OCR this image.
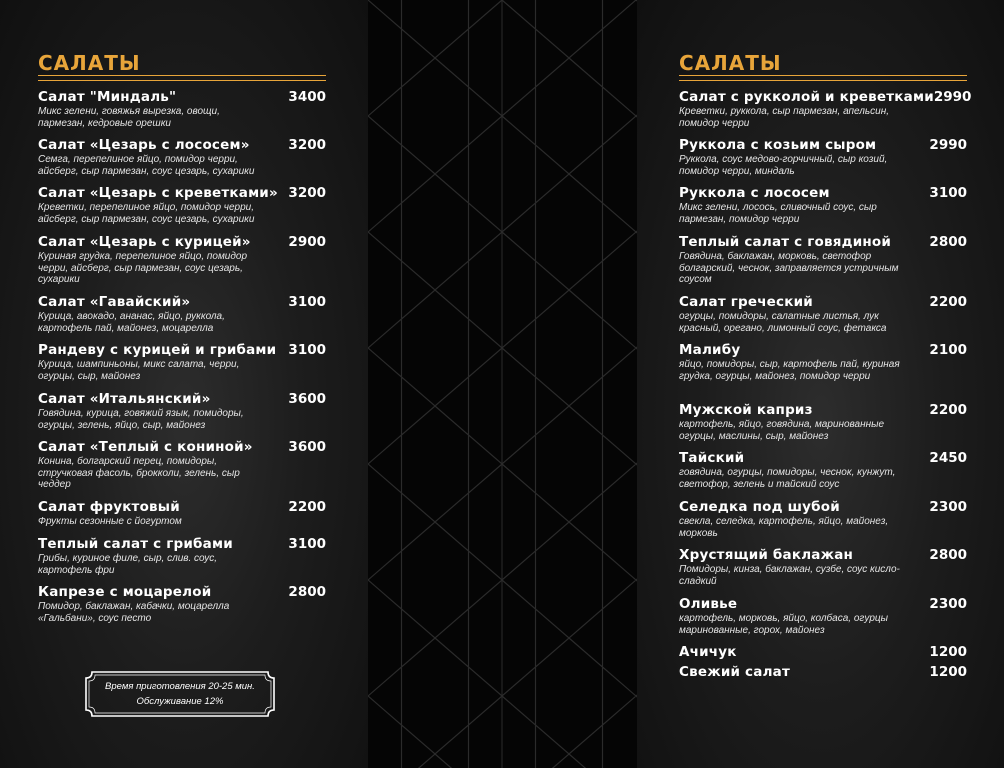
САЛАТЫ
Салат "Миндаль"	3400
Микс зелени, говяжья вырезка, овощи, пармезан, кедровые орешки
Салат «Цезарь с лососем»	3200
Семга, перепелиное яйцо, помидор черри, айсберг, сыр пармезан, соус цезарь, сухарики
Салат «Цезарь с креветками» 3200
Креветки, перепелиное яйцо, помидор черри, айсберг, сыр пармезан, соус цезарь, сухарики
Салат «Цезарь с курицей»	2900
Куриная грудка, перепелиное яйцо, помидор черри, айсберг, сыр пармезан, соус цезарь, сухарики
Салат «Гавайский»	3100
Курица, авокадо, ананас, яйцо, руккола, картофель пай, майонез, моцарелла
Рандеву с курицей и грибами 3100
Курица, шампиньоны, микс салата, черри, огурцы, сыр, майонез
Салат «Итальянский»	3600
Говядина, курица, говяжий язык, помидоры, огурцы, зелень, яйцо, сыр, майонез
Салат «Теплый с кониной»	3600
Конина, болгарский перец, помидоры, стручковая фасоль, брокколи, зелень, сыр чеддер
Салат фруктовый	2200
Фрукты сезонные с йогуртом
Теплый салат с грибами	3100
Грибы, куриное филе, сыр, слив. соус, картофель фри
Капрезе с моцарелой	2800
Помидор, баклажан, кабачки, моцарелла «Гальбани», соус песто
Время приготовления 20-25 мин.
Обслуживание 12%
САЛАТЫ
Салат с рукколой и креветками 2990
Креветки, руккола, сыр пармезан, апельсин, помидор черри
Руккола с козьим сыром	2990
Руккола, соус медово-горчичный, сыр козий, помидор черри, миндаль
Руккола с лососем	3100
Микс зелени, лосось, сливочный соус, сыр пармезан, помидор черри
Теплый салат с говядиной	2800
Говядина, баклажан, морковь, светофор болгарский, чеснок, заправляется устричным соусом
Салат греческий	2200
огурцы, помидоры, салатные листья, лук красный, орегано, лимонный соус, фетакса
Малибу	2100
яйцо, помидоры, сыр, картофель пай, куриная грудка, огурцы, майонез, помидор черри
Мужской каприз	2200
картофель, яйцо, говядина, маринованные огурцы, маслины, сыр, майонез
Тайский	2450
говядина, огурцы, помидоры, чеснок, кунжут, светофор, зелень и тайский соус
Селедка под шубой	2300
свекла, селедка, картофель, яйцо, майонез, морковь
Хрустящий баклажан	2800
Помидоры, кинза, баклажан, сузбе, соус кисло-сладкий
Оливье	2300
картофель, морковь, яйцо, колбаса, огурцы маринованные, горох, майонез
Ачичук	1200
Свежий салат	1200
